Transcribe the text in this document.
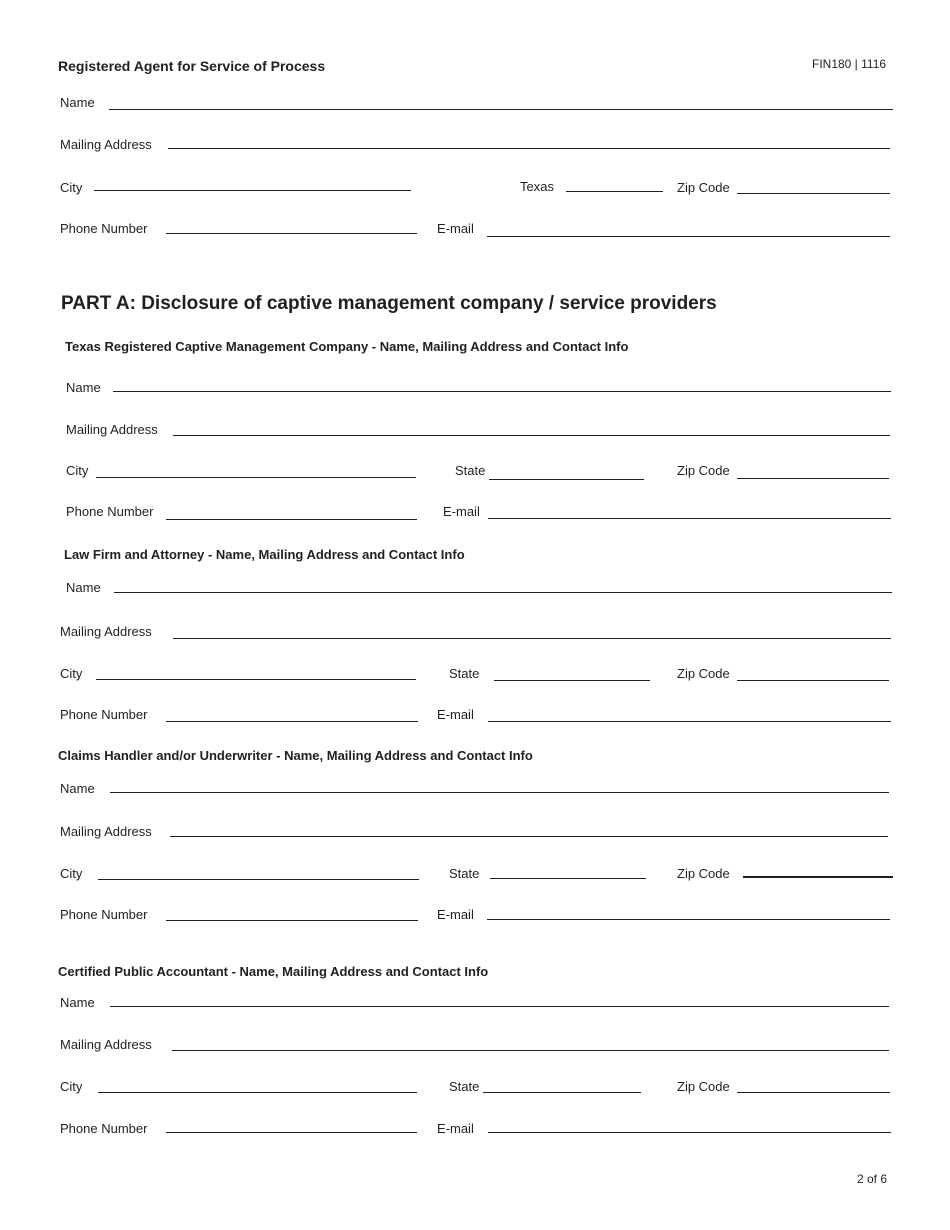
Registered Agent for Service of Process	FIN180 | 1116
Name
Mailing Address
City	Texas	Zip Code
Phone Number	E-mail
PART A: Disclosure of captive management company / service providers
Texas Registered Captive Management Company - Name, Mailing Address and Contact Info
Name
Mailing Address
City	State	Zip Code
Phone Number	E-mail
Law Firm and Attorney - Name, Mailing Address and Contact Info
Name
Mailing Address
City	State	Zip Code
Phone Number	E-mail
Claims Handler and/or Underwriter - Name, Mailing Address and Contact Info
Name
Mailing Address
City	State	Zip Code
Phone Number	E-mail
Certified Public Accountant - Name, Mailing Address and Contact Info
Name
Mailing Address
City	State	Zip Code
Phone Number	E-mail
2 of 6
